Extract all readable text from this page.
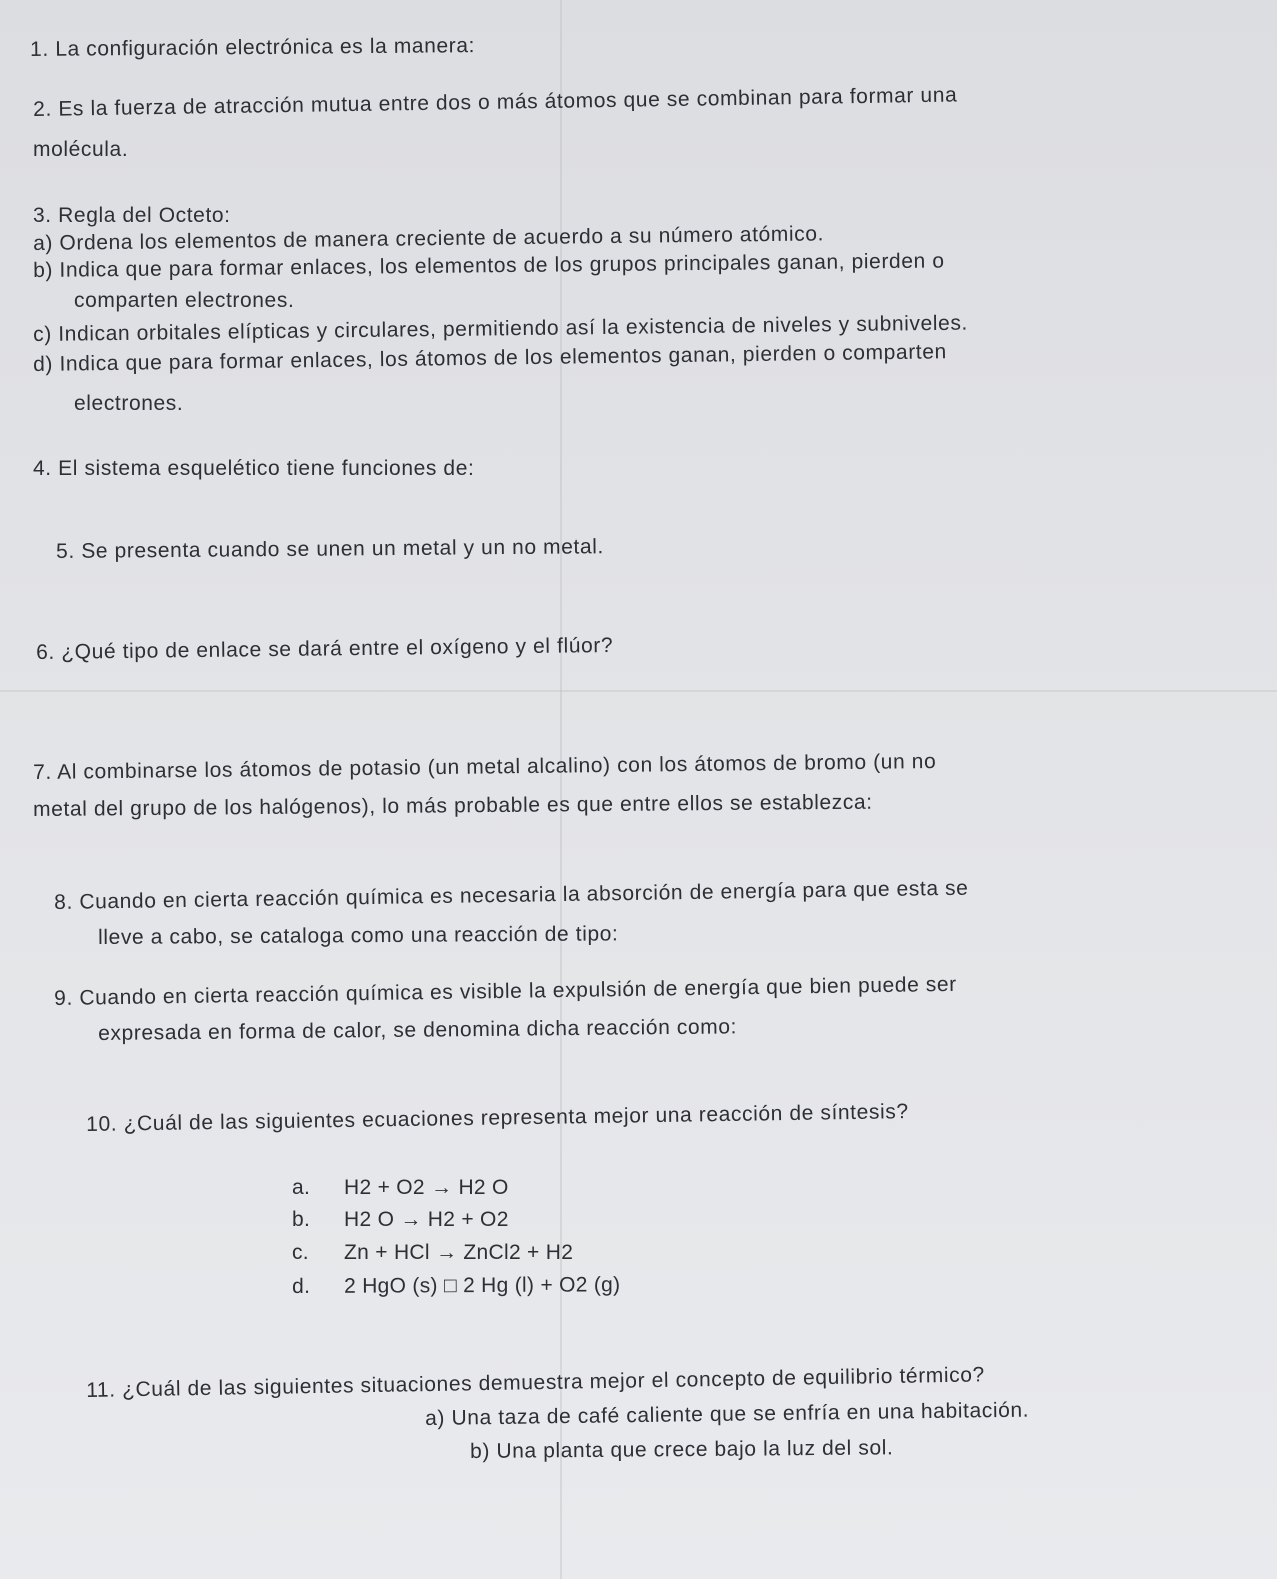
1. La configuración electrónica es la manera:

2. Es la fuerza de atracción mutua entre dos o más átomos que se combinan para formar una

molécula.

3. Regla del Octeto:

a) Ordena los elementos de manera creciente de acuerdo a su número atómico.

b) Indica que para formar enlaces, los elementos de los grupos principales ganan, pierden o

comparten electrones.

c) Indican orbitales elípticas y circulares, permitiendo así la existencia de niveles y subniveles.

d) Indica que para formar enlaces, los átomos de los elementos ganan, pierden o comparten

electrones.

4. El sistema esquelético tiene funciones de:

5. Se presenta cuando se unen un metal y un no metal.

6. ¿Qué tipo de enlace se dará entre el oxígeno y el flúor?

7. Al combinarse los átomos de potasio (un metal alcalino) con los átomos de bromo (un no

metal del grupo de los halógenos), lo más probable es que entre ellos se establezca:

8. Cuando en cierta reacción química es necesaria la absorción de energía para que esta se

lleve a cabo, se cataloga como una reacción de tipo:

9. Cuando en cierta reacción química es visible la expulsión de energía que bien puede ser

expresada en forma de calor, se denomina dicha reacción como:

10. ¿Cuál de las siguientes ecuaciones representa mejor una reacción de síntesis?

a. H2 + O2 → H2 O

b. H2 O → H2 + O2

c. Zn + HCl → ZnCl2 + H2

d. 2 HgO (s) □ 2 Hg (l) + O2 (g)

11. ¿Cuál de las siguientes situaciones demuestra mejor el concepto de equilibrio térmico?

a) Una taza de café caliente que se enfría en una habitación.

b) Una planta que crece bajo la luz del sol.
